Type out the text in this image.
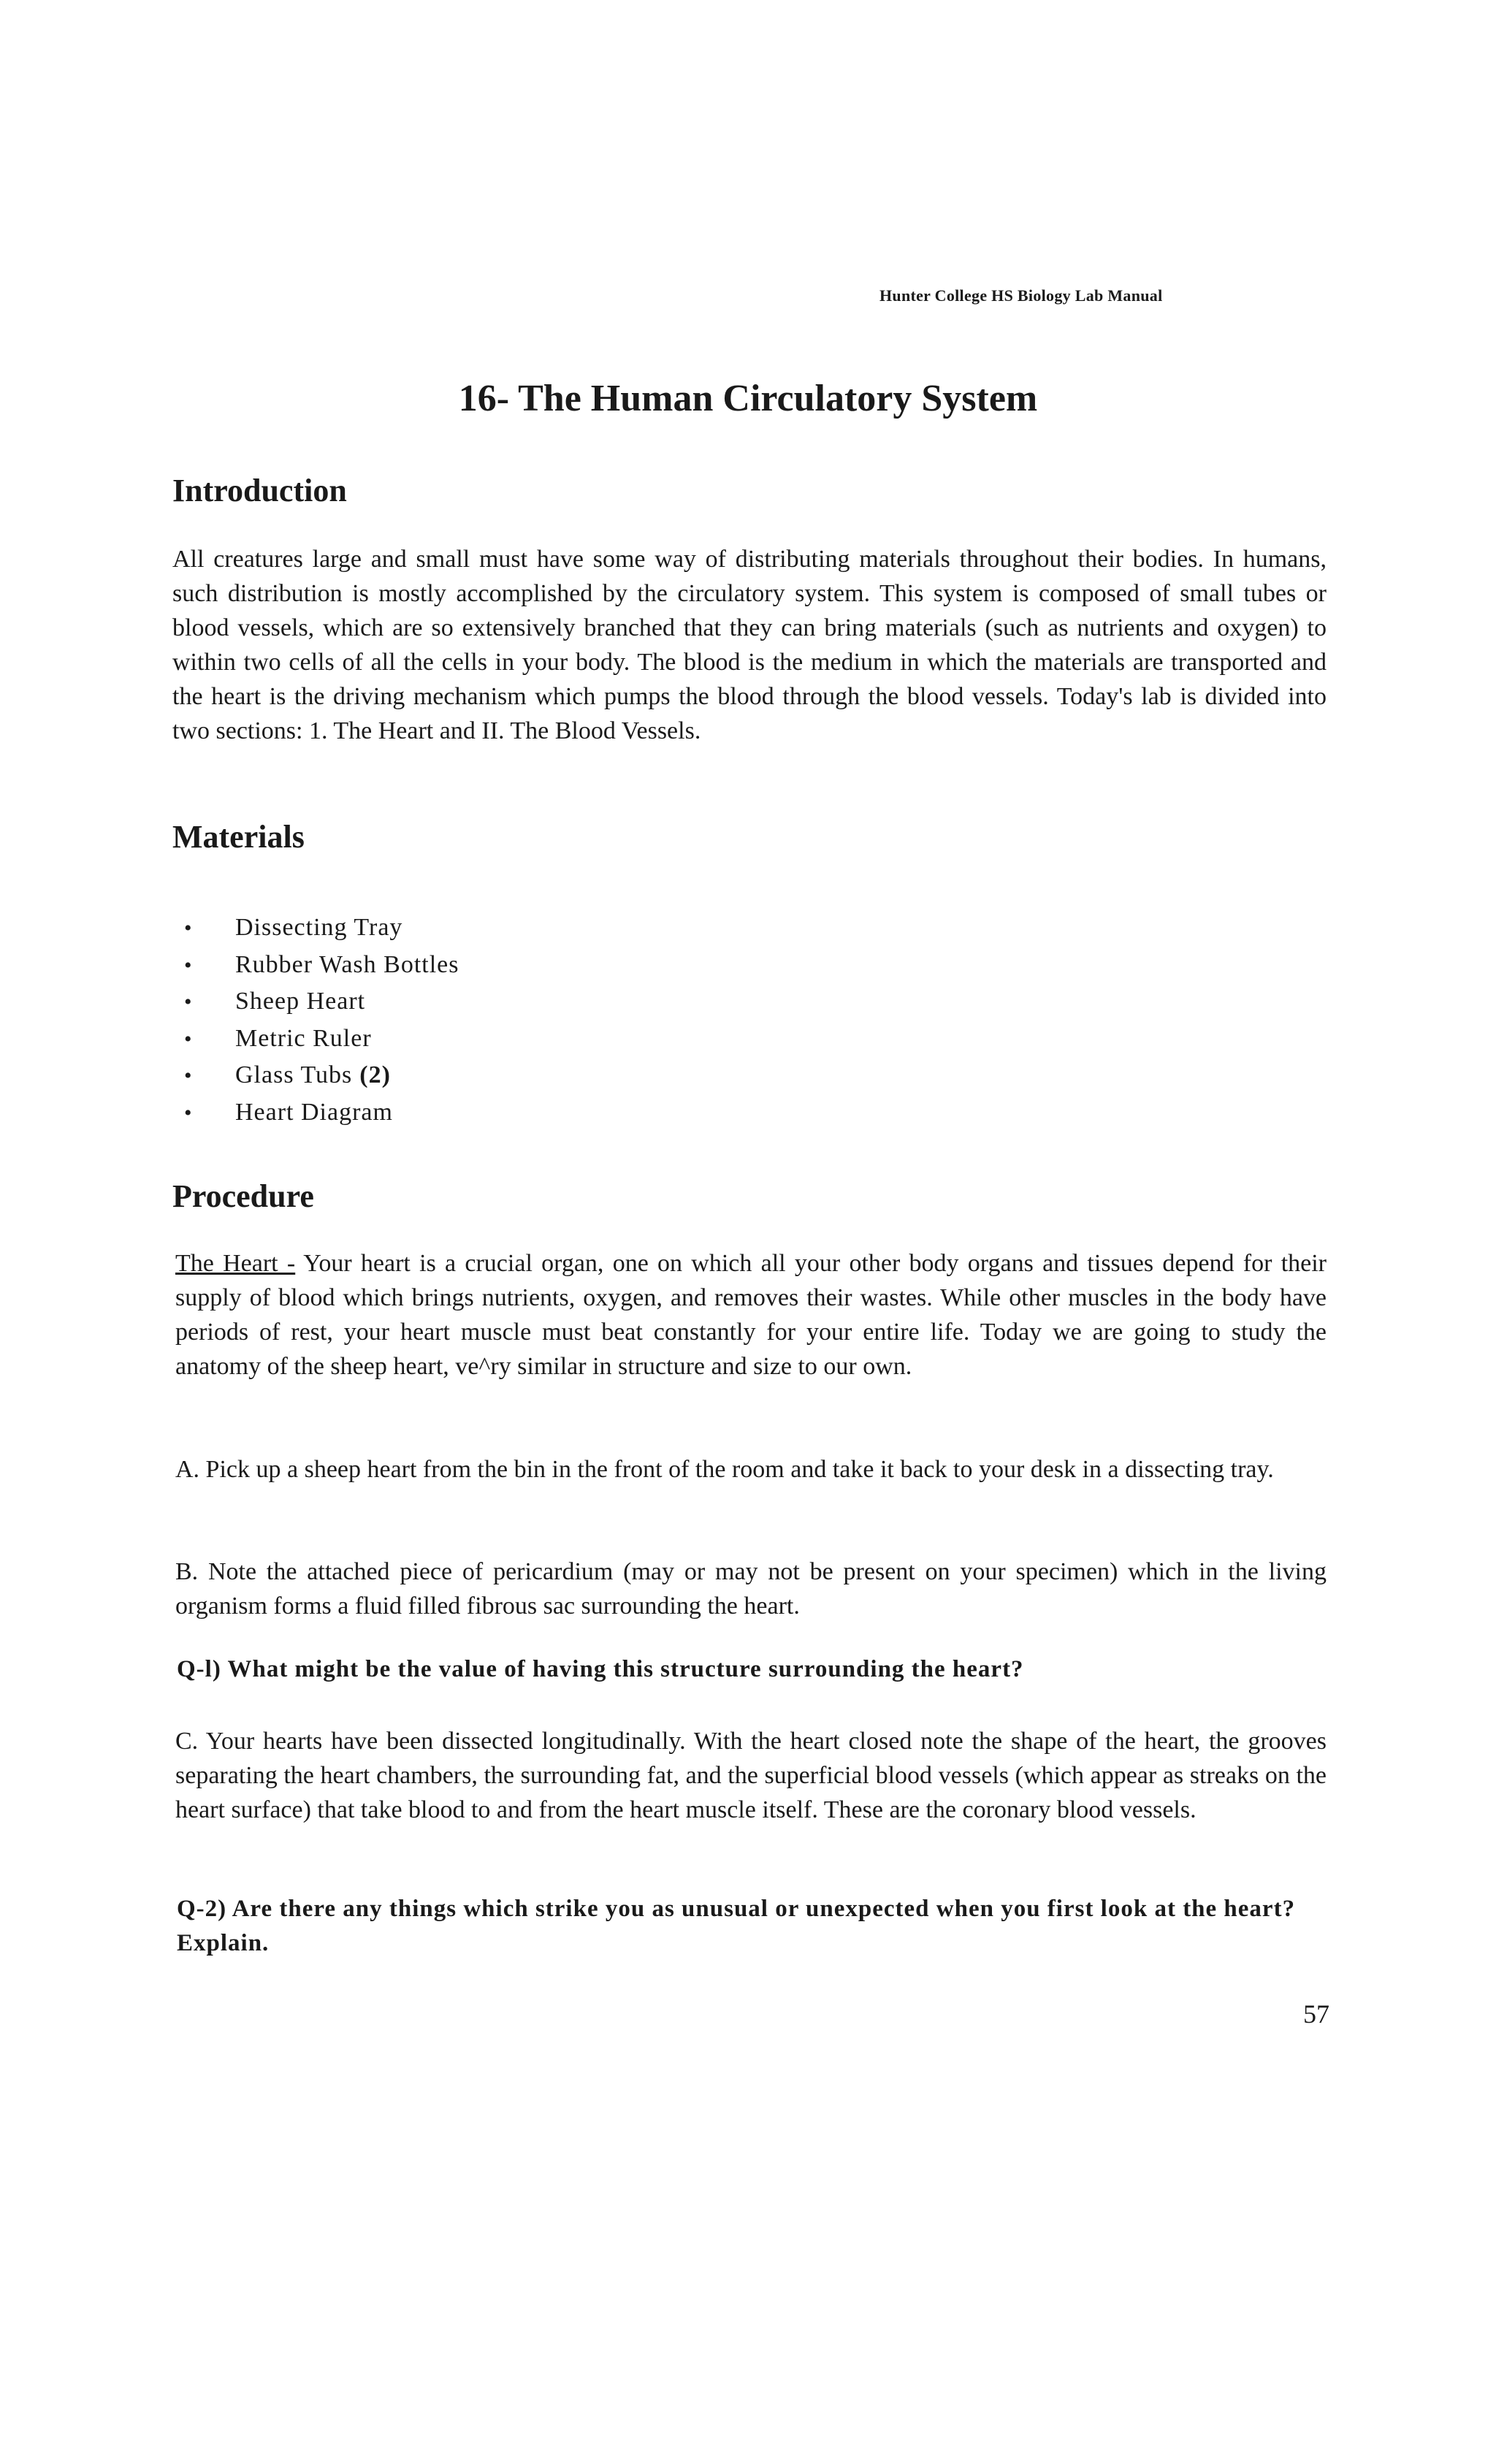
Hunter College HS Biology Lab Manual
16- The Human Circulatory System
Introduction

All creatures large and small must have some way of distributing materials throughout their bodies. In humans, such distribution is mostly accomplished by the circulatory system. This system is composed of small tubes or blood vessels, which are so extensively branched that they can bring materials (such as nutrients and oxygen) to within two cells of all the cells in your body. The blood is the medium in which the materials are transported and the heart is the driving mechanism which pumps the blood through the blood vessels. Today's lab is divided into two sections: 1. The Heart and II. The Blood Vessels.

Materials
•	Dissecting Tray
•	Rubber Wash Bottles
•	Sheep Heart
•	Metric Ruler
•	Glass Tubs (2)
•	Heart Diagram
Procedure

The Heart - Your heart is a crucial organ, one on which all your other body organs and tissues depend for their supply of blood which brings nutrients, oxygen, and removes their wastes. While other muscles in the body have periods of rest, your heart muscle must beat constantly for your entire life. Today we are going to study the anatomy of the sheep heart, ve^ry similar in structure and size to our own.

A. Pick up a sheep heart from the bin in the front of the room and take it back to your desk in a dissecting tray.

B. Note the attached piece of pericardium (may or may not be present on your specimen) which in the living organism forms a fluid filled fibrous sac surrounding the heart.

Q-l) What might be the value of having this structure surrounding the heart?

C. Your hearts have been dissected longitudinally. With the heart closed note the shape of the heart, the grooves separating the heart chambers, the surrounding fat, and the superficial blood vessels (which appear as streaks on the heart surface) that take blood to and from the heart muscle itself. These are the coronary blood vessels.

Q-2) Are there any things which strike you as unusual or unexpected when you first look at the heart? Explain.

57
